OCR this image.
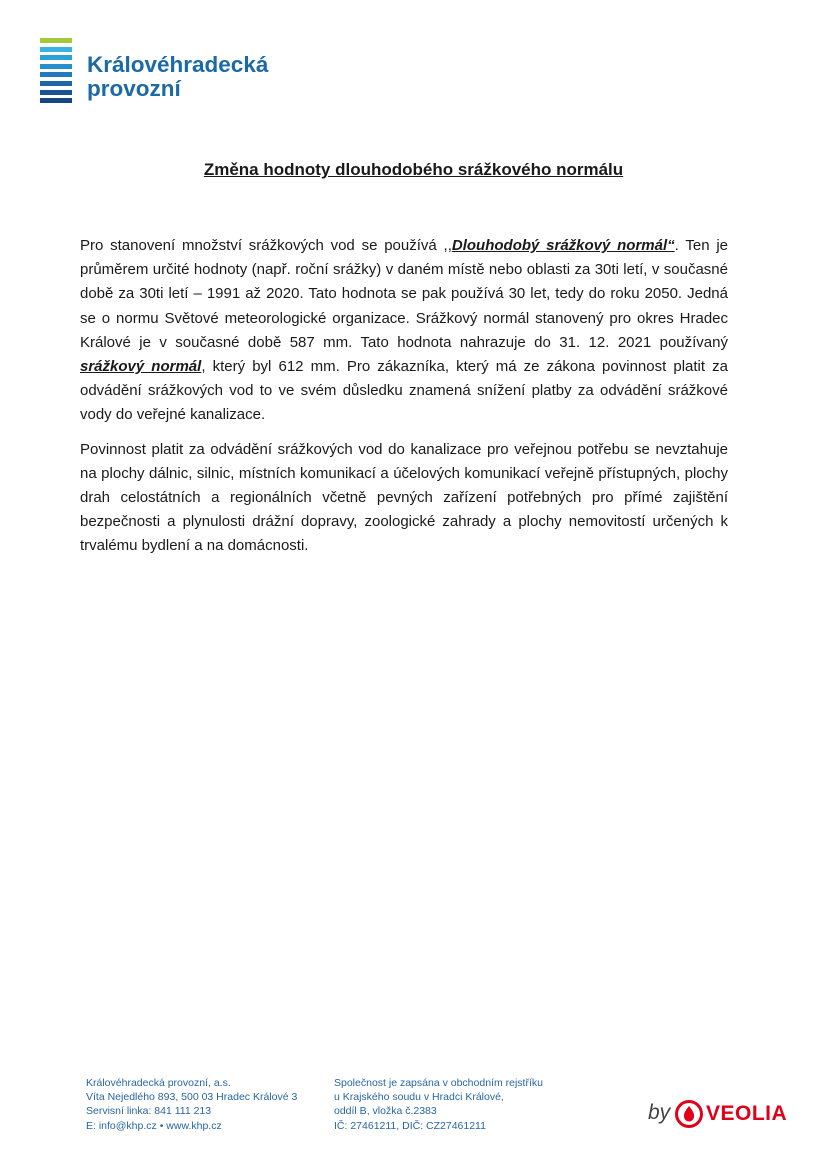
Královéhradecká
provozní
Změna hodnoty dlouhodobého srážkového normálu

Pro stanovení množství srážkových vod se používá ,,Dlouhodobý srážkový normál“. Ten je průměrem určité hodnoty (např. roční srážky) v daném místě nebo oblasti za 30ti letí, v současné době za 30ti letí – 1991 až 2020. Tato hodnota se pak používá 30 let, tedy do roku 2050. Jedná se o normu Světové meteorologické organizace. Srážkový normál stanovený pro okres Hradec Králové je v současné době 587 mm. Tato hodnota nahrazuje do 31. 12. 2021 používaný srážkový normál, který byl 612 mm. Pro zákazníka, který má ze zákona povinnost platit za odvádění srážkových vod to ve svém důsledku znamená snížení platby za odvádění srážkové vody do veřejné kanalizace.

Povinnost platit za odvádění srážkových vod do kanalizace pro veřejnou potřebu se nevztahuje na plochy dálnic, silnic, místních komunikací a účelových komunikací veřejně přístupných, plochy drah celostátních a regionálních včetně pevných zařízení potřebných pro přímé zajištění bezpečnosti a plynulosti drážní dopravy, zoologické zahrady a plochy nemovitostí určených k trvalému bydlení a na domácnosti.

Královéhradecká provozní, a.s.
Víta Nejedlého 893, 500 03 Hradec Králové 3
Servisní linka: 841 111 213
E: info@khp.cz • www.khp.cz
Společnost je zapsána v obchodním rejstříku
u Krajského soudu v Hradci Králové,
oddíl B, vložka č.2383
IČ: 27461211, DIČ: CZ27461211
by VEOLIA
